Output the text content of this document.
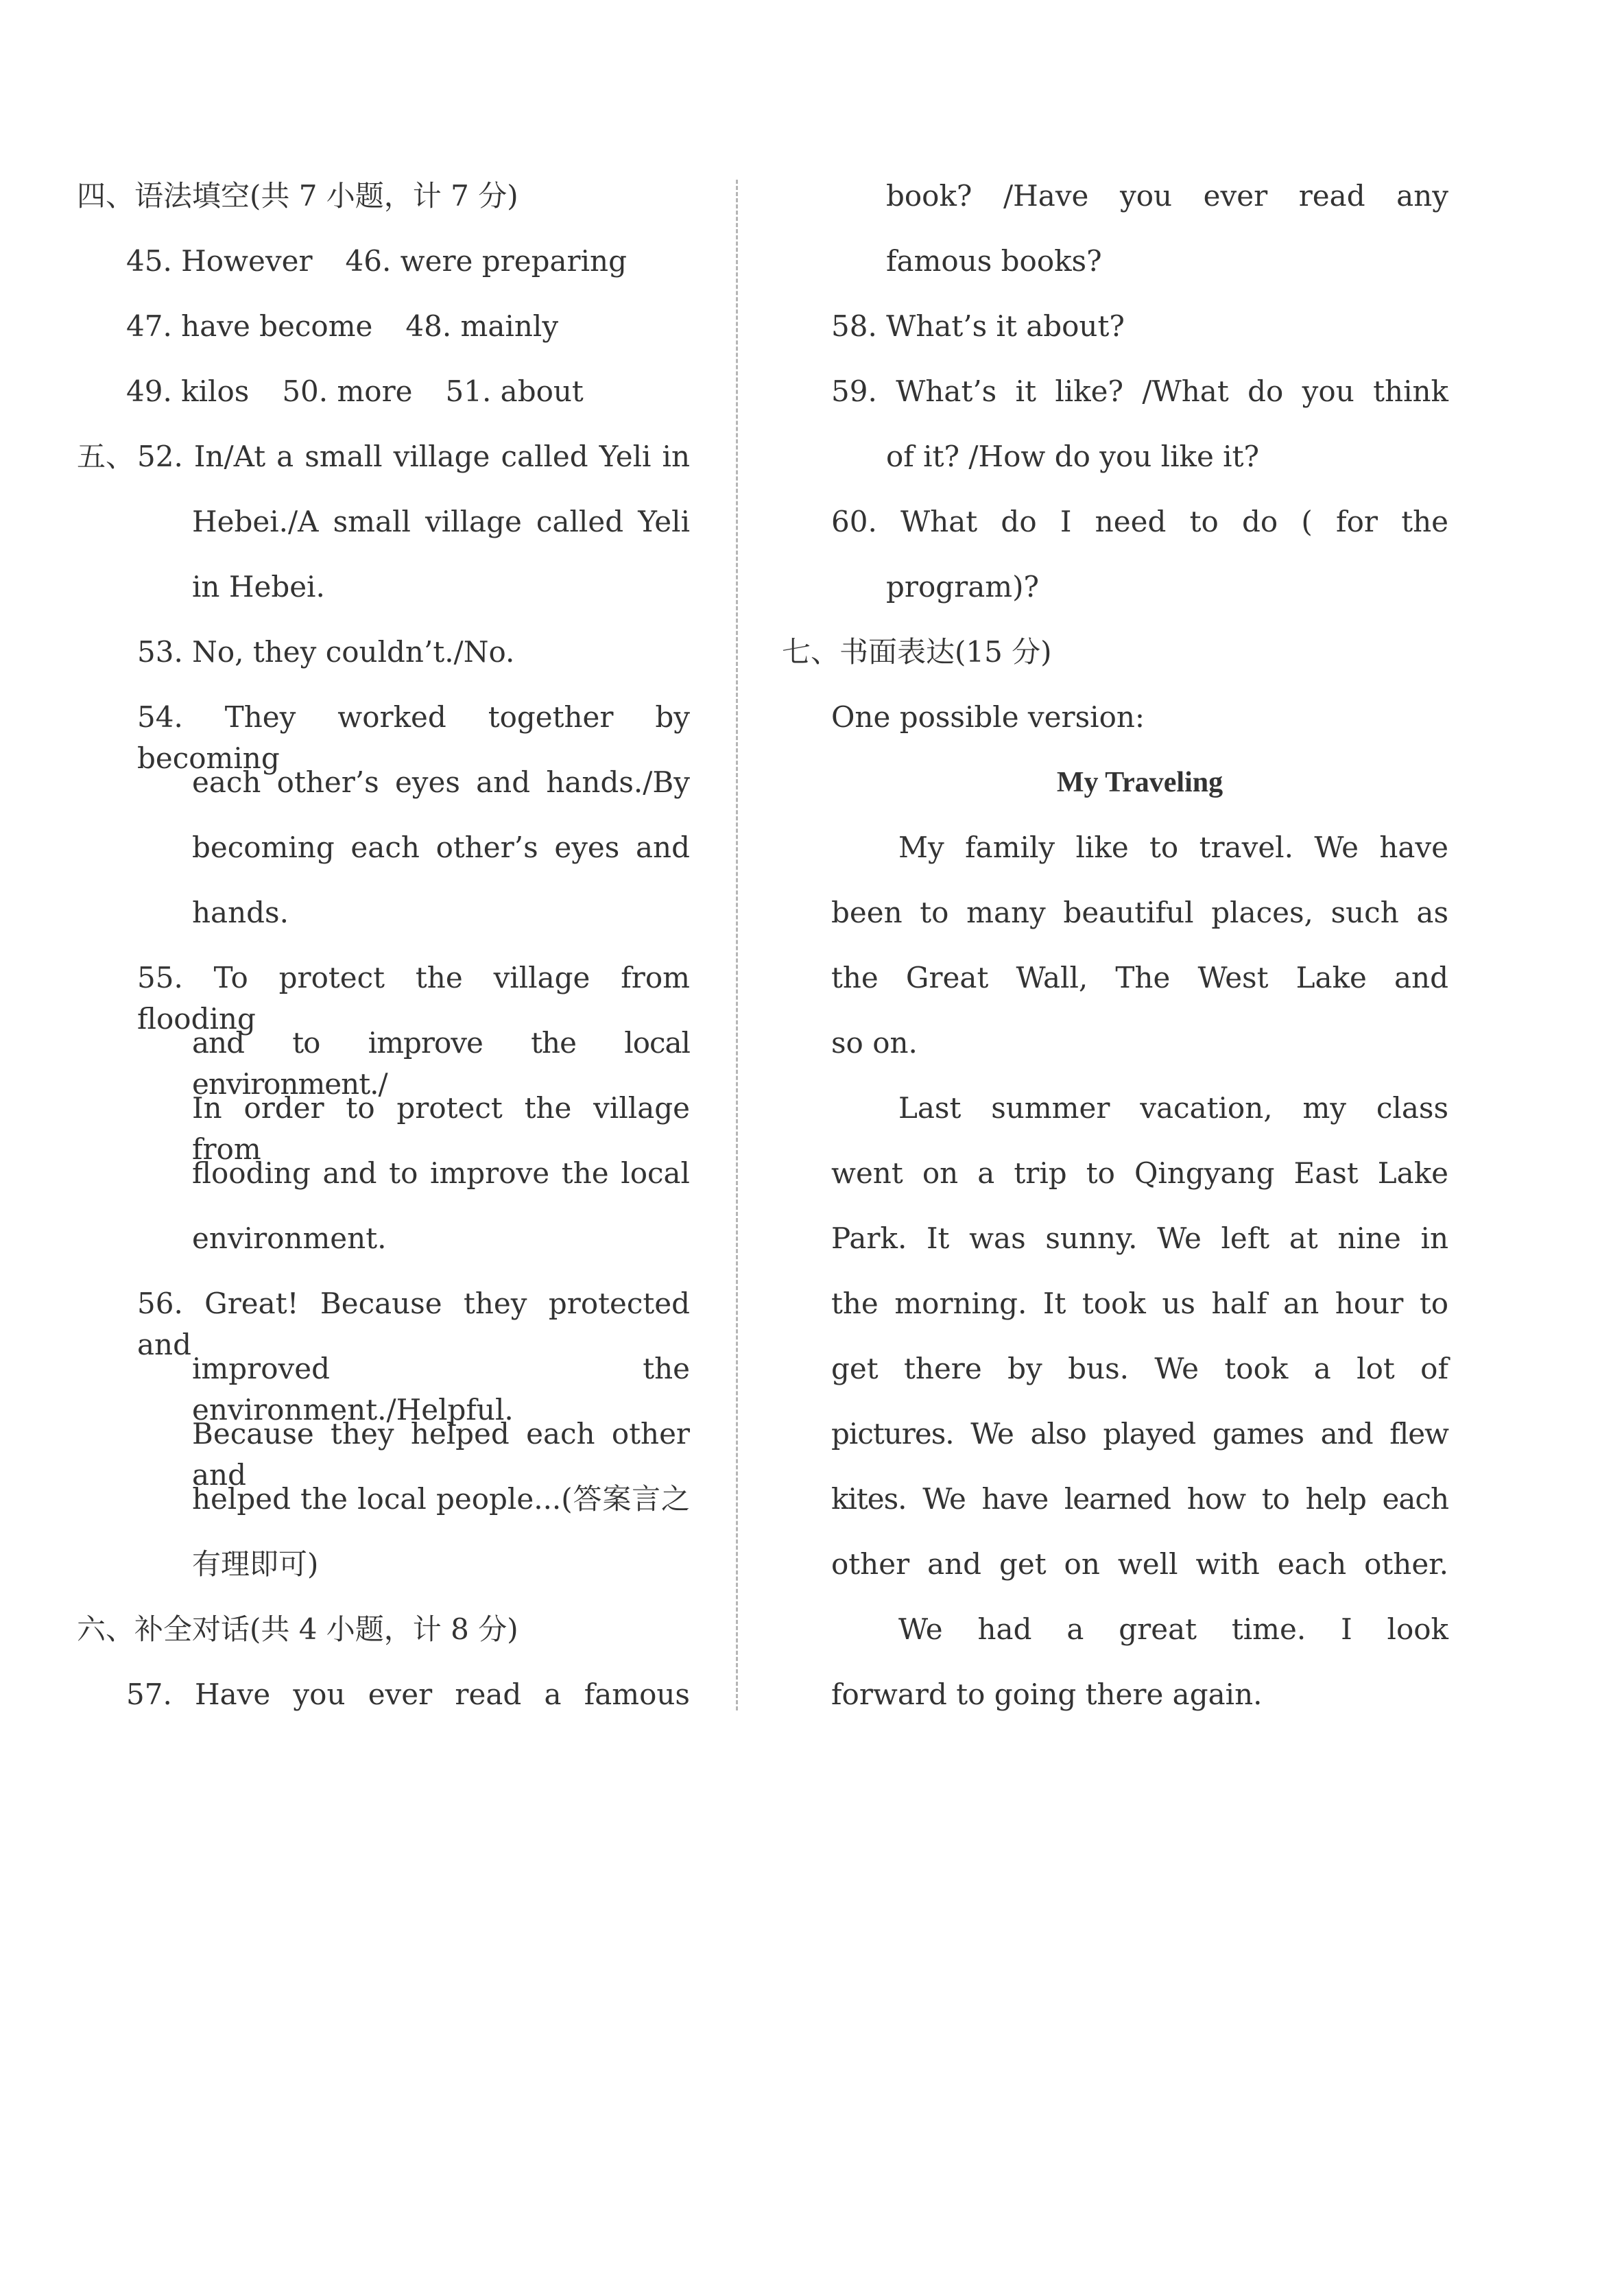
四、语法填空(共 7 小题，计 7 分)
45. However 46. were preparing
47. have become 48. mainly
49. kilos 50. more 51. about
五、 52. In/At a small village called Yeli in
Hebei./A small village called Yeli
in Hebei.
53. No, they couldn’t./No.
54. They worked together by becoming
each other’s eyes and hands./By
becoming each other’s eyes and
hands.
55. To protect the village from flooding
and to improve the local environment./
In order to protect the village from
flooding and to improve the local
environment.
56. Great! Because they protected and
improved the environment./Helpful.
Because they helped each other and
helped the local people...(答案言之
有理即可)
六、补全对话(共 4 小题，计 8 分)
57. Have you ever read a famous
book? /Have you ever read any
famous books?
58. What’s it about?
59. What’s it like? /What do you think
of it? /How do you like it?
60. What do I need to do ( for the
program)?
七、书面表达(15 分)
One possible version:
My Traveling
My family like to travel. We have
been to many beautiful places, such as
the Great Wall, The West Lake and
so on.
Last summer vacation, my class
went on a trip to Qingyang East Lake
Park. It was sunny. We left at nine in
the morning. It took us half an hour to
get there by bus. We took a lot of
pictures. We also played games and flew
kites. We have learned how to help each
other and get on well with each other.
We had a great time. I look
forward to going there again.
